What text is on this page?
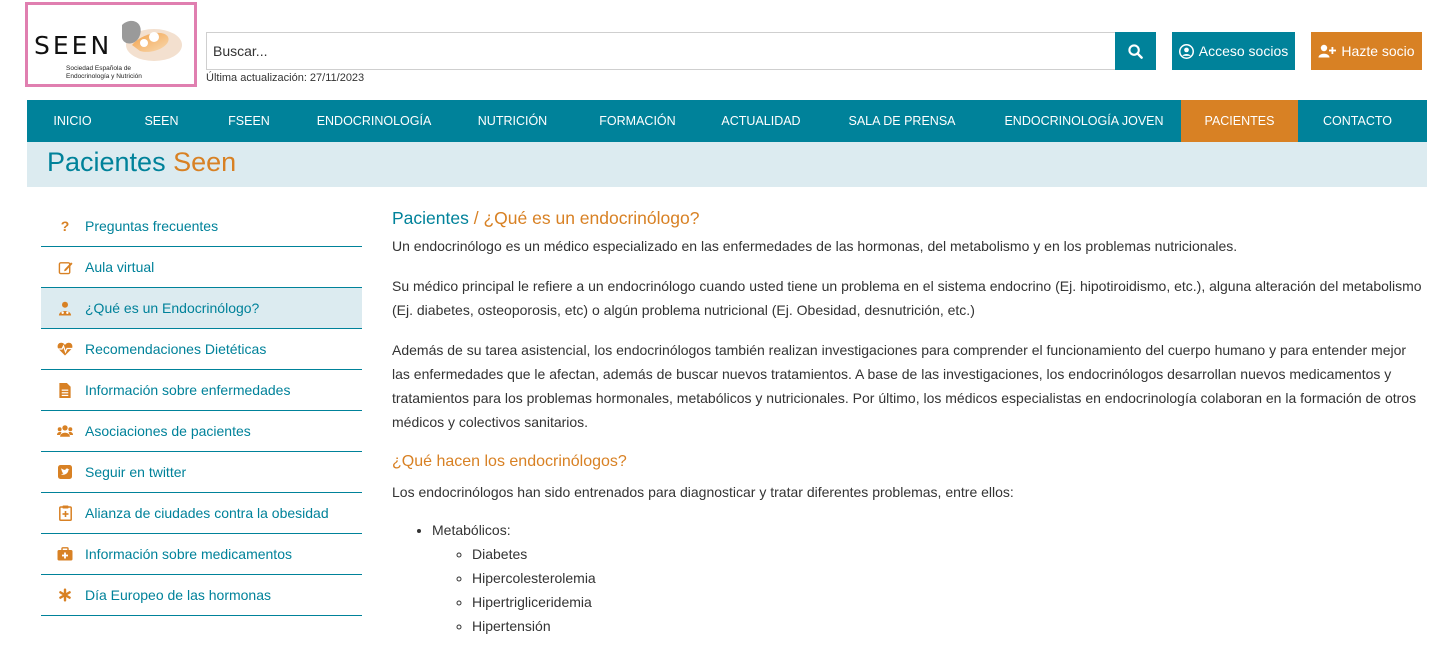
SEEN
Sociedad Española de
Endocrinología y Nutrición
Buscar...	Última actualización: 27/11/2023
Acceso socios	Hazte socio
INICIO	SEEN	FSEEN	ENDOCRINOLOGÍA	NUTRICIÓN	FORMACIÓN	ACTUALIDAD	SALA DE PRENSA	ENDOCRINOLOGÍA JOVEN	PACIENTES	CONTACTO
Pacientes Seen
? Preguntas frecuentes
Aula virtual
¿Qué es un Endocrinólogo?
Recomendaciones Dietéticas
Información sobre enfermedades
Asociaciones de pacientes
Seguir en twitter
Alianza de ciudades contra la obesidad
Información sobre medicamentos
Día Europeo de las hormonas
Pacientes / ¿Qué es un endocrinólogo?

Un endocrinólogo es un médico especializado en las enfermedades de las hormonas, del metabolismo y en los problemas nutricionales.

Su médico principal le refiere a un endocrinólogo cuando usted tiene un problema en el sistema endocrino (Ej. hipotiroidismo, etc.), alguna alteración del metabolismo (Ej. diabetes, osteoporosis, etc) o algún problema nutricional (Ej. Obesidad, desnutrición, etc.)

Además de su tarea asistencial, los endocrinólogos también realizan investigaciones para comprender el funcionamiento del cuerpo humano y para entender mejor las enfermedades que le afectan, además de buscar nuevos tratamientos. A base de las investigaciones, los endocrinólogos desarrollan nuevos medicamentos y tratamientos para los problemas hormonales, metabólicos y nutricionales. Por último, los médicos especialistas en endocrinología colaboran en la formación de otros médicos y colectivos sanitarios.

¿Qué hacen los endocrinólogos?

Los endocrinólogos han sido entrenados para diagnosticar y tratar diferentes problemas, entre ellos:

• Metabólicos:
◦ Diabetes
◦ Hipercolesterolemia
◦ Hipertrigliceridemia
◦ Hipertensión
